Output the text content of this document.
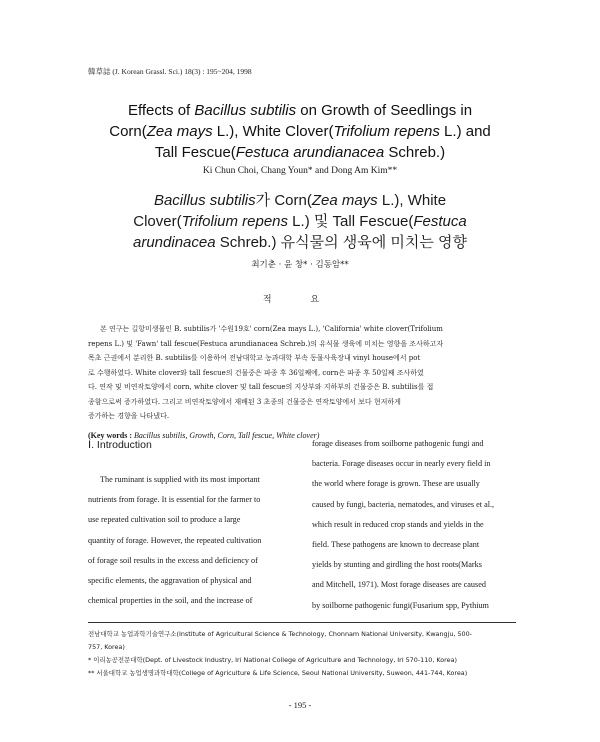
韓草誌 (J. Korean Grassl. Sci.) 18(3) : 195~204, 1998
Effects of Bacillus subtilis on Growth of Seedlings in
Corn(Zea mays L.), White Clover(Trifolium repens L.) and
Tall Fescue(Festuca arundianacea Schreb.)
Ki Chun Choi, Chang Youn* and Dong Am Kim**
Bacillus subtilis가 Corn(Zea mays L.), White
Clover(Trifolium repens L.) 및 Tall Fescue(Festuca
arundinacea Schreb.) 유식물의 생육에 미치는 영향
최기춘 · 윤 창* · 김동암**
적 요
본 연구는 길항미생물인 B. subtilis가 '수원19호' corn(Zea mays L.), 'California' white clover(Trifolium
repens L.) 및 'Fawn' tall fescue(Festuca arundianacea Schreb.)의 유식물 생육에 미치는 영향을 조사하고자
목초 근권에서 분리한 B. subtilis를 이용하여 전남대학교 농과대학 부속 동물사육장내 vinyl house에서 pot
로 수행하였다. White clover와 tall fescue의 건물중은 파종 후 36일째에, corn은 파종 후 50일째 조사하였
다. 연작 및 비연작토양에서 corn, white clover 및 tall fescue의 지상부와 지하부의 건물중은 B. subtilis를 접
종함으로써 증가하였다. 그리고 비연작토양에서 재배된 3 초종의 건물중은 연작토양에서 보다 현저하게
증가하는 경향을 나타냈다.
(Key words : Bacillus subtilis, Growth, Corn, Tall fescue, White clover)
Ⅰ. Introduction
The ruminant is supplied with its most important
nutrients from forage. It is essential for the farmer to
use repeated cultivation soil to produce a large
quantity of forage. However, the repeated cultivation
of forage soil results in the excess and deficiency of
specific elements, the aggravation of physical and
chemical properties in the soil, and the increase of
forage diseases from soilborne pathogenic fungi and
bacteria. Forage diseases occur in nearly every field in
the world where forage is grown. These are usually
caused by fungi, bacteria, nematodes, and viruses et al.,
which result in reduced crop stands and yields in the
field. These pathogens are known to decrease plant
yields by stunting and girdling the host roots(Marks
and Mitchell, 1971). Most forage diseases are caused
by soilborne pathogenic fungi(Fusarium spp, Pythium

전남대학교 농업과학기술연구소(Institute of Agricultural Science & Technology, Chonnam National University, Kwangju, 500-

757, Korea)

* 이리농공전문대학(Dept. of Livestock Industry, Iri National College of Agriculture and Technology, Iri 570-110, Korea)

** 서울대학교 농업생명과학대학(College of Agriculture & Life Science, Seoul National University, Suweon, 441-744, Korea)

- 195 -
